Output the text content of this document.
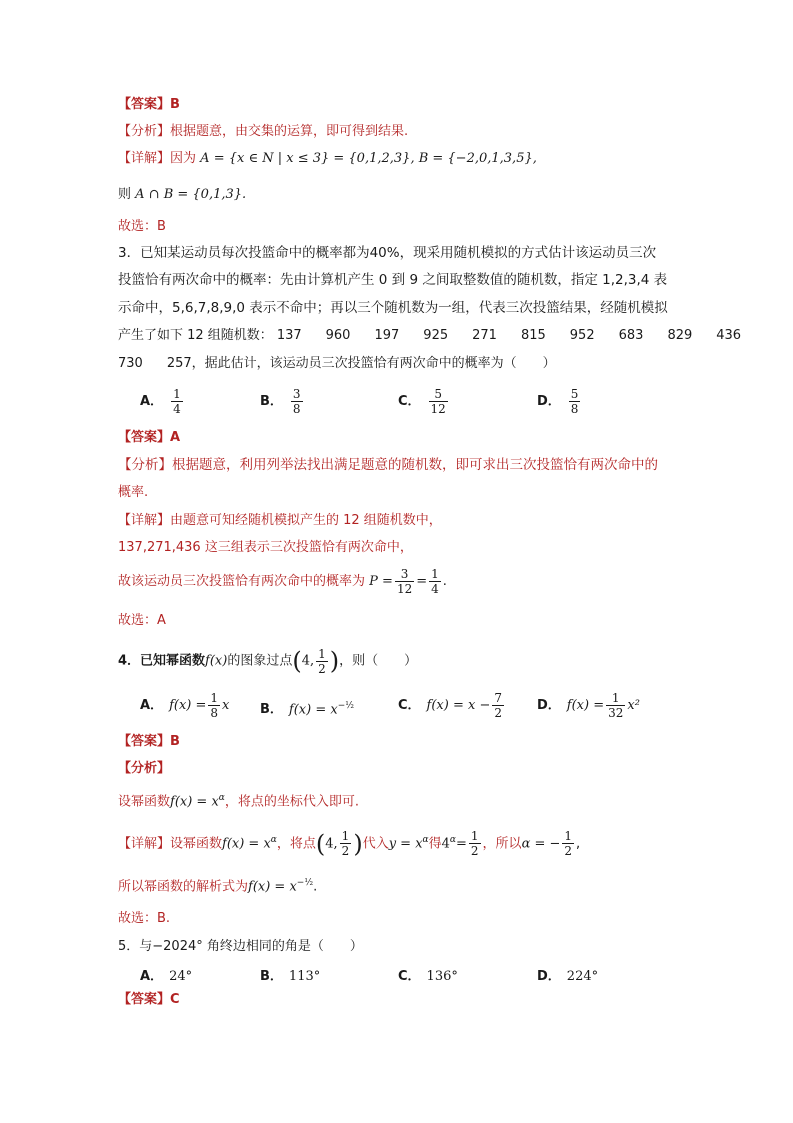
【答案】B
【分析】根据题意，由交集的运算，即可得到结果.
【详解】因为 A = {x ∈ N | x ≤ 3} = {0,1,2,3}, B = {−2,0,1,3,5},
则 A ∩ B = {0,1,3}.
故选：B
3．已知某运动员每次投篮命中的概率都为40%，现采用随机模拟的方式估计该运动员三次
投篮恰有两次命中的概率：先由计算机产生 0 到 9 之间取整数值的随机数，指定 1,2,3,4 表
示命中，5,6,7,8,9,0 表示不命中；再以三个随机数为一组，代表三次投篮结果，经随机模拟
产生了如下 12 组随机数： 137 960 197 925 271 815 952 683 829 436
730 257，据此估计，该运动员三次投篮恰有两次命中的概率为（　　）
A． $\frac{1}{4}$	B． $\frac{3}{8}$	C． $\frac{5}{12}$	D． $\frac{5}{8}$
【答案】A
【分析】根据题意，利用列举法找出满足题意的随机数，即可求出三次投篮恰有两次命中的
概率.
【详解】由题意可知经随机模拟产生的 12 组随机数中，
137,271,436 这三组表示三次投篮恰有两次命中，
故该运动员三次投篮恰有两次命中的概率为 $P = \frac{3}{12} = \frac{1}{4}$ .
故选：A
4．已知幂函数f(x)的图象过点(4, $\frac{1}{2}$ )，则（　　）
A． $f(x) = \frac{1}{8}$ x B． $f(x) = x^{-\frac{1}{2}}$	C． $f(x) = x - \frac{7}{2}$	D． $f(x) = \frac{1}{32} x^2$
【答案】B
【分析】
设幂函数$f(x) = x^\alpha$，将点的坐标代入即可.
【详解】设幂函数$f(x) = x^\alpha$，将点(4, $\frac{1}{2}$ )代入$y = x^\alpha$得$4^\alpha= \frac{1}{2}$ ，所以α = − $\frac{1}{2}$ ,
所以幂函数的解析式为$f(x) = x^{-\frac{1}{2}}$.
故选：B.
5．与−2024° 角终边相同的角是（　　）
A． 24°	B． 113°	C． 136°	D． 224°
【答案】C
